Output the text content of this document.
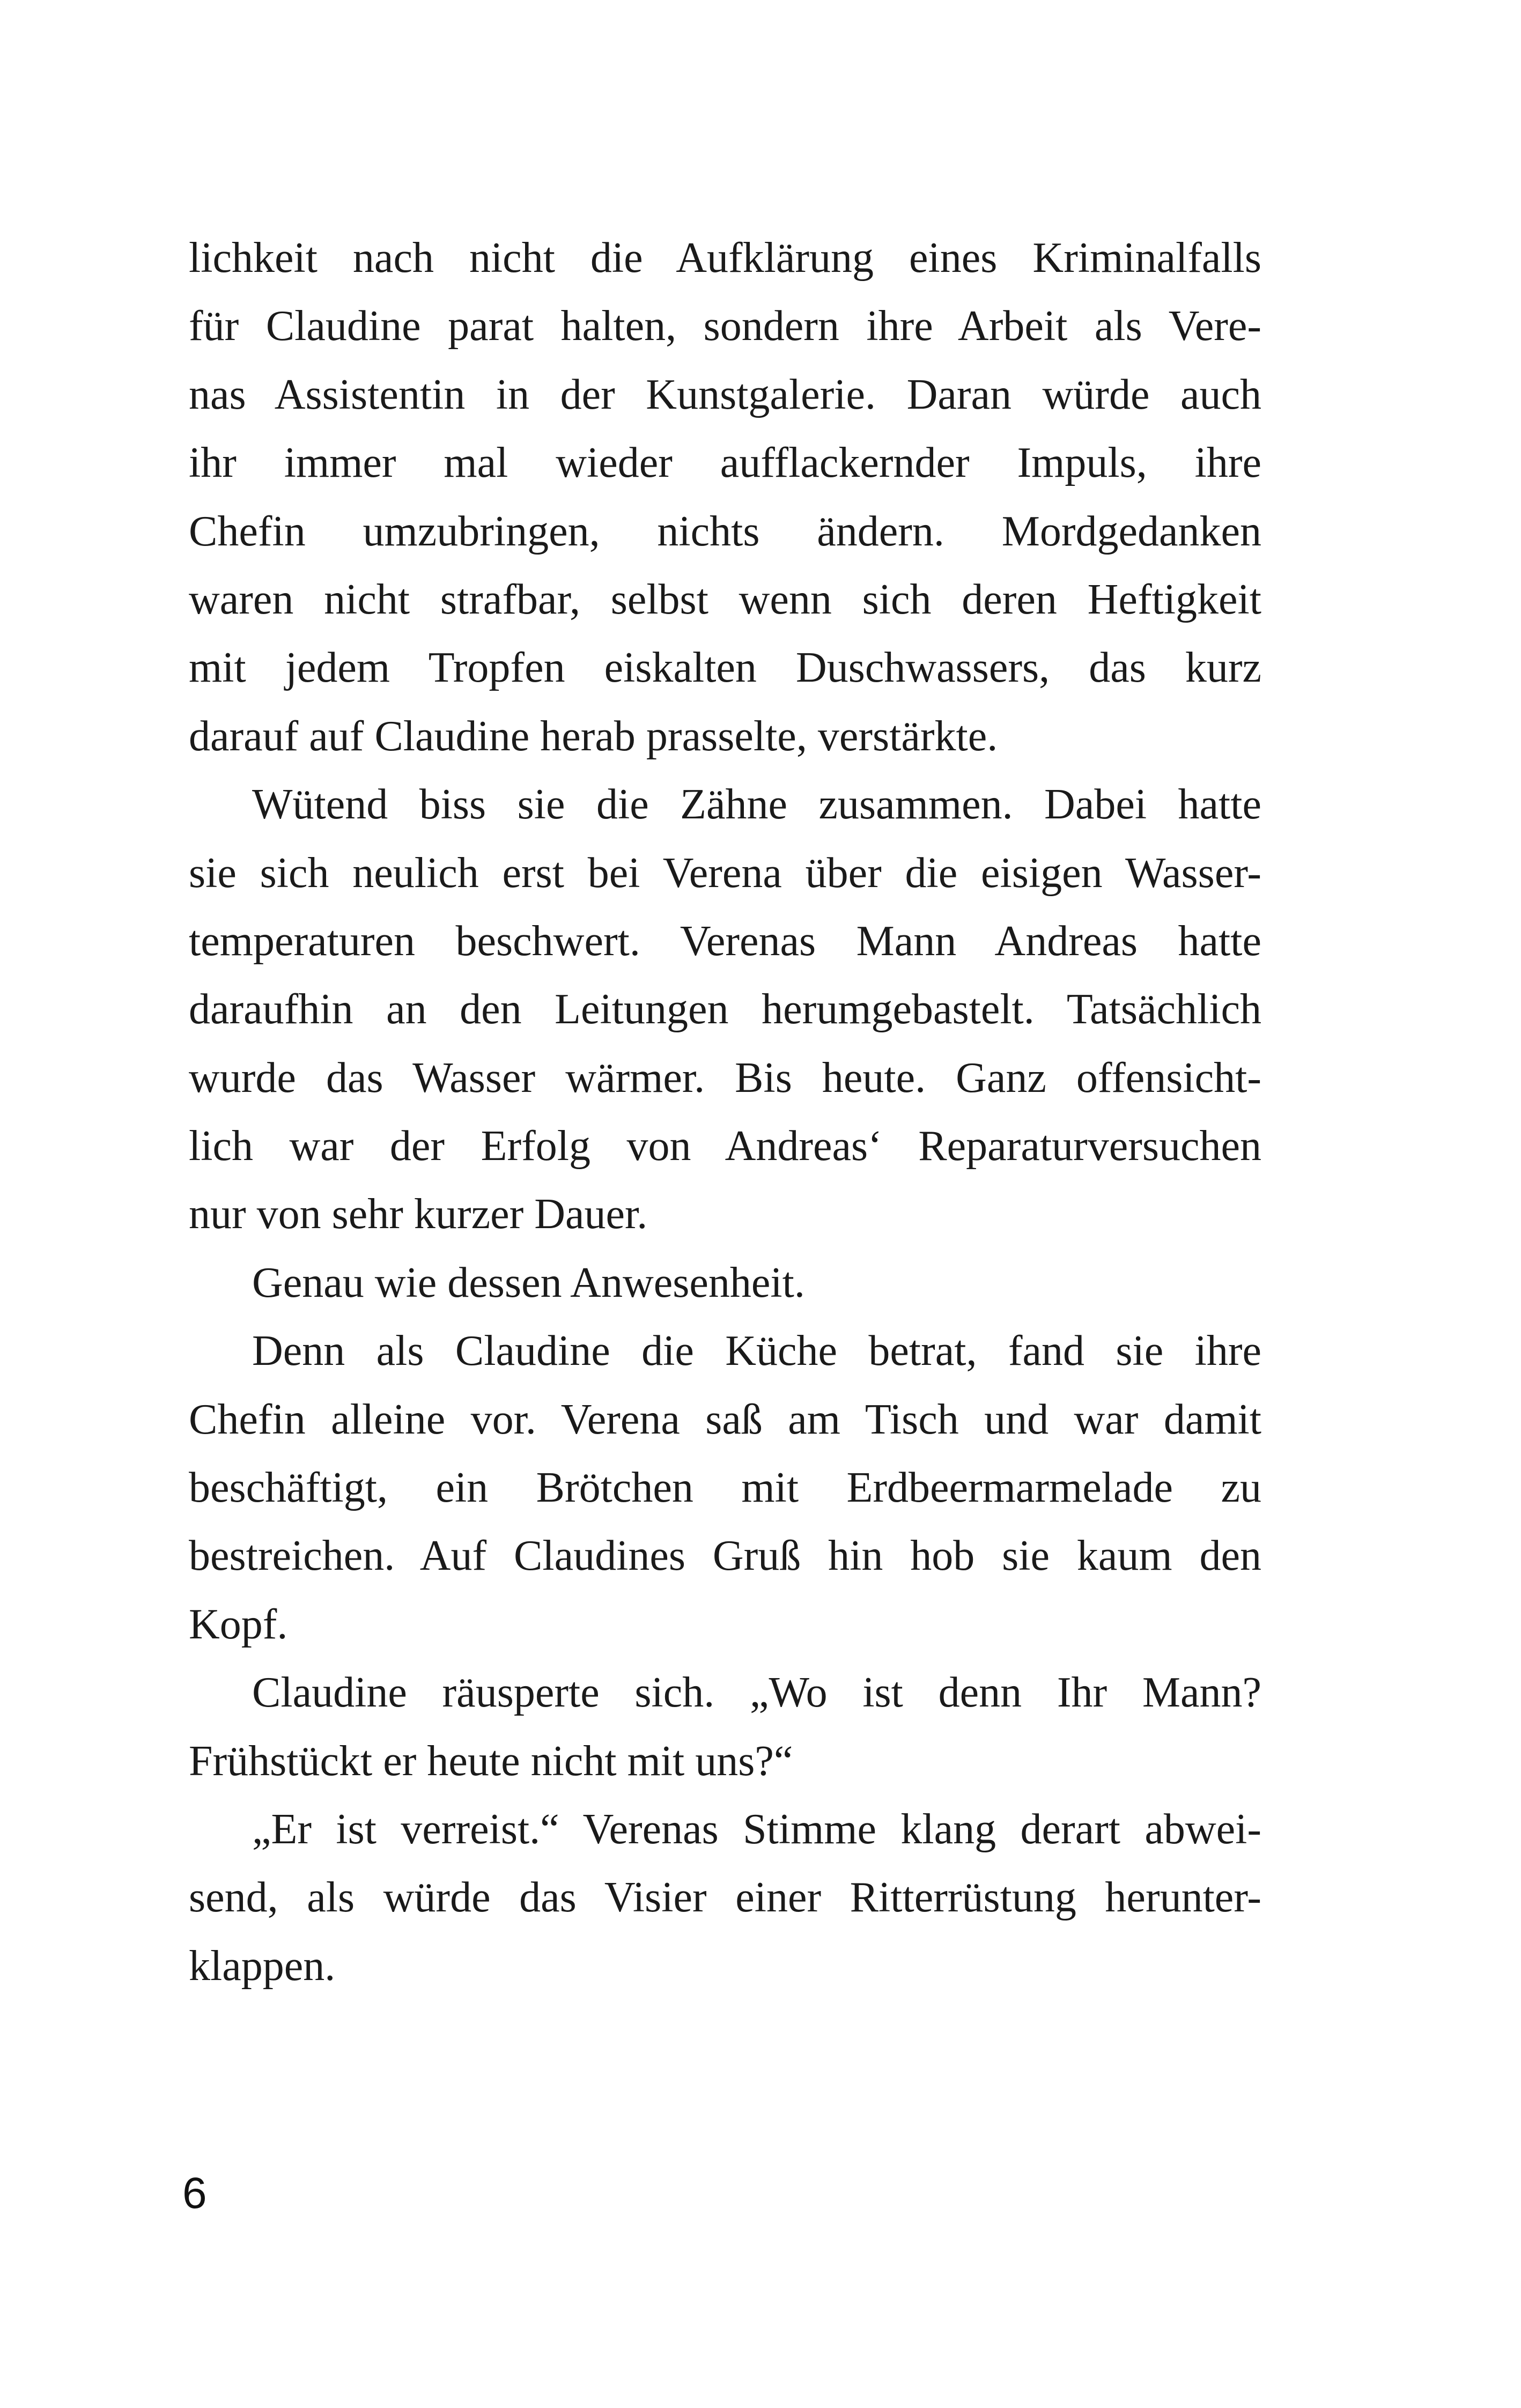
lichkeit nach nicht die Aufklärung eines Kriminalfalls
für Claudine parat halten, sondern ihre Arbeit als Vere-
nas Assistentin in der Kunstgalerie. Daran würde auch
ihr immer mal wieder aufflackernder Impuls, ihre
Chefin umzubringen, nichts ändern. Mordgedanken
waren nicht strafbar, selbst wenn sich deren Heftigkeit
mit jedem Tropfen eiskalten Duschwassers, das kurz
darauf auf Claudine herab prasselte, verstärkte.
Wütend biss sie die Zähne zusammen. Dabei hatte
sie sich neulich erst bei Verena über die eisigen Wasser-
temperaturen beschwert. Verenas Mann Andreas hatte
daraufhin an den Leitungen herumgebastelt. Tatsächlich
wurde das Wasser wärmer. Bis heute. Ganz offensicht-
lich war der Erfolg von Andreas‘ Reparaturversuchen
nur von sehr kurzer Dauer.
Genau wie dessen Anwesenheit.
Denn als Claudine die Küche betrat, fand sie ihre
Chefin alleine vor. Verena saß am Tisch und war damit
beschäftigt, ein Brötchen mit Erdbeermarmelade zu
bestreichen. Auf Claudines Gruß hin hob sie kaum den
Kopf.
Claudine räusperte sich. „Wo ist denn Ihr Mann?
Frühstückt er heute nicht mit uns?“
„Er ist verreist.“ Verenas Stimme klang derart abwei-
send, als würde das Visier einer Ritterrüstung herunter-
klappen.
6
